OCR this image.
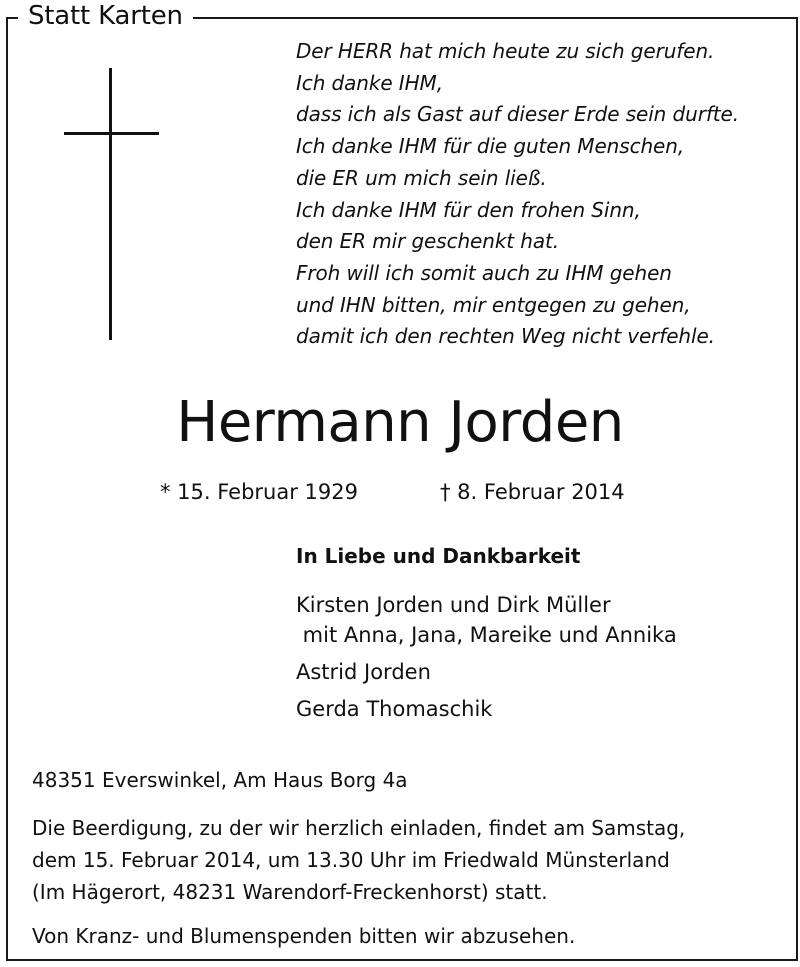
Statt Karten
Der HERR hat mich heute zu sich gerufen.
Ich danke IHM,
dass ich als Gast auf dieser Erde sein durfte.
Ich danke IHM für die guten Menschen,
die ER um mich sein ließ.
Ich danke IHM für den frohen Sinn,
den ER mir geschenkt hat.
Froh will ich somit auch zu IHM gehen
und IHN bitten, mir entgegen zu gehen,
damit ich den rechten Weg nicht verfehle.
Hermann Jorden
* 15. Februar 1929	† 8. Februar 2014
In Liebe und Dankbarkeit
Kirsten Jorden und Dirk Müller
mit Anna, Jana, Mareike und Annika
Astrid Jorden
Gerda Thomaschik
48351 Everswinkel, Am Haus Borg 4a
Die Beerdigung, zu der wir herzlich einladen, findet am Samstag,
dem 15. Februar 2014, um 13.30 Uhr im Friedwald Münsterland
(Im Hägerort, 48231 Warendorf-Freckenhorst) statt.
Von Kranz- und Blumenspenden bitten wir abzusehen.
